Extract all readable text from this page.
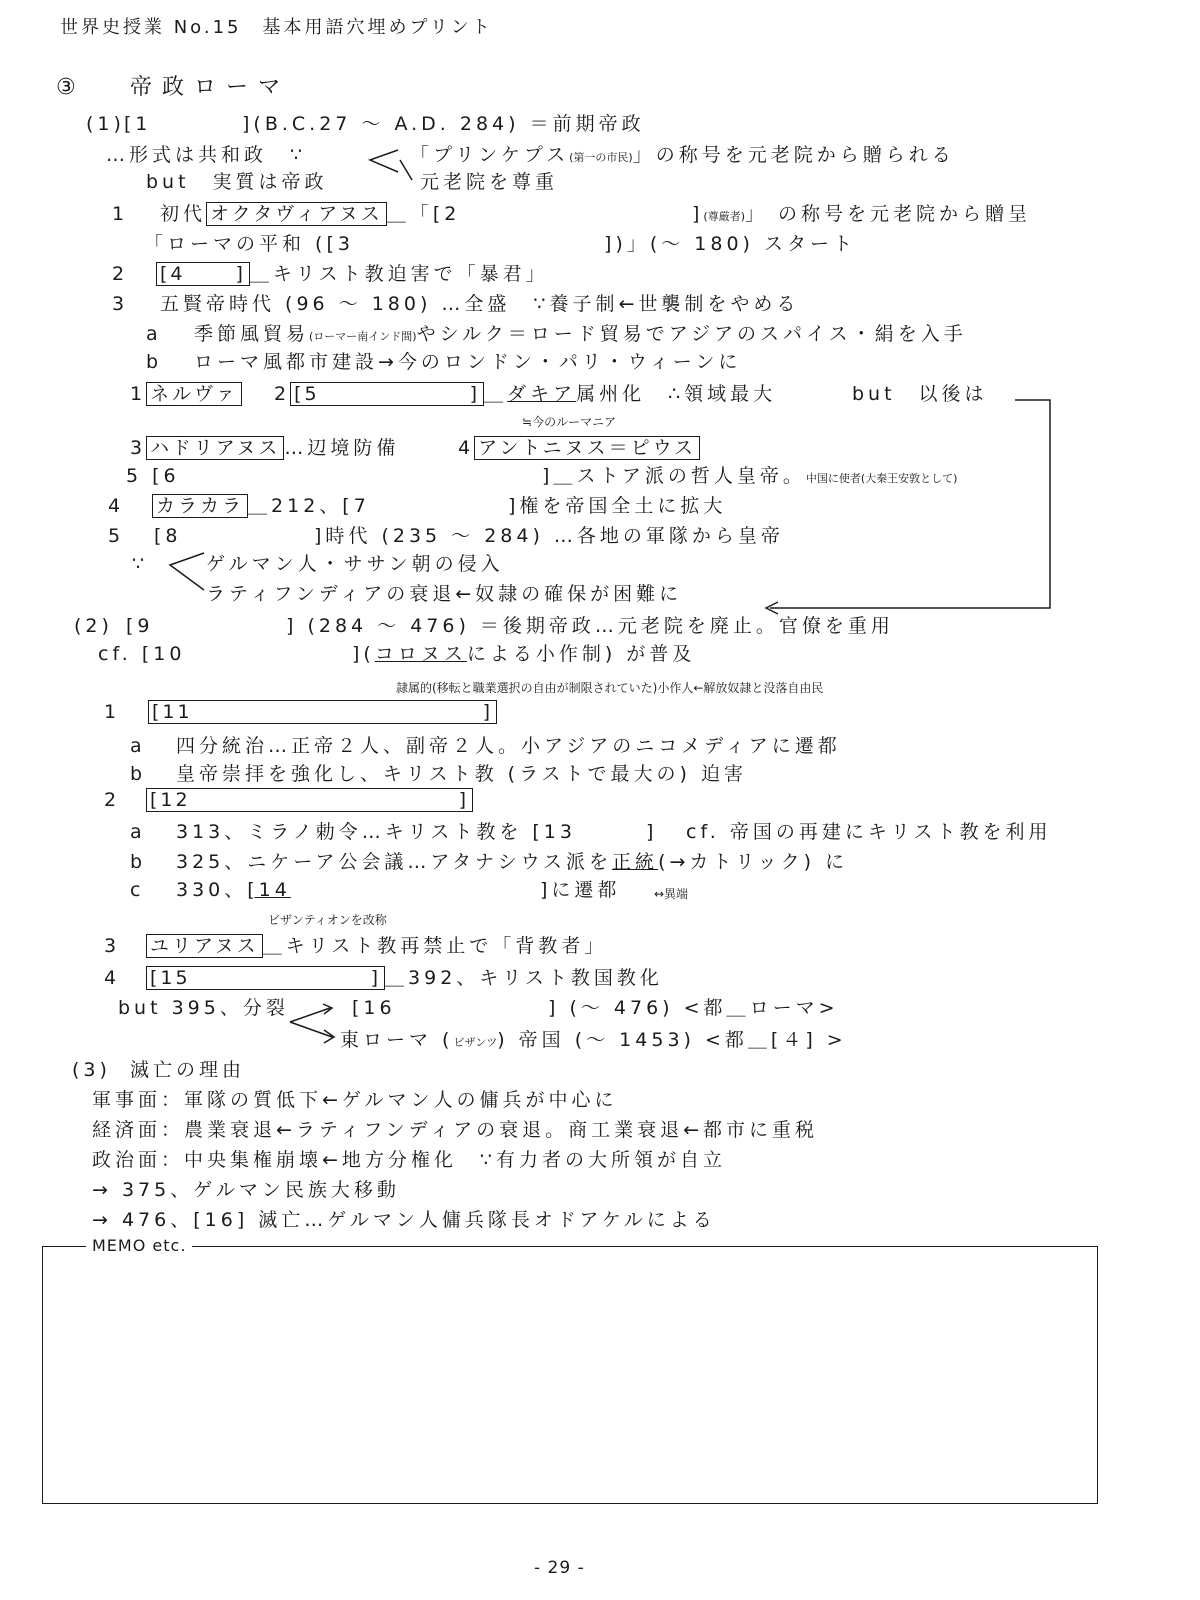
世界史授業 No.15　基本用語穴埋めプリント
③ 帝政ローマ
(1) [1	](B.C.27 ～ A.D. 284) ＝前期帝政
…形式は共和政　∵	「プリンケプス(第一の市民)」の称号を元老院から贈られる
but　実質は帝政	元老院を尊重
1 初代 オクタヴィアヌス ＿「[2	](尊厳者)」 の称号を元老院から贈呈
「ローマの平和 ([3	])」(～ 180) スタート
2 [4	] ＿キリスト教迫害で「暴君」
3 五賢帝時代 (96 ～ 180) …全盛　∵養子制←世襲制をやめる
a 季節風貿易(ローマー南インド間)やシルク＝ロード貿易でアジアのスパイス・絹を入手
b ローマ風都市建設→今のロンドン・パリ・ウィーンに
1 ネルヴァ 2 [5	] ＿ダキア属州化　∴領域最大	but　以後は
≒今のルーマニア
3 ハドリアヌス …辺境防備	4 アントニヌス＝ピウス
5 [6	]＿ストア派の哲人皇帝。中国に使者(大秦王安敦として)
4 カラカラ ＿212、[7	]権を帝国全土に拡大
5 [8	]時代 (235 ～ 284) …各地の軍隊から皇帝
∵	ゲルマン人・ササン朝の侵入
ラティフンディアの衰退←奴隷の確保が困難に
(2) [9	] (284 ～ 476) ＝後期帝政…元老院を廃止。官僚を重用
cf. [10	](コロヌスによる小作制) が普及
隷属的(移転と職業選択の自由が制限されていた)小作人←解放奴隷と没落自由民
1 [11	]
a 四分統治…正帝２人、副帝２人。小アジアのニコメディアに遷都
b 皇帝崇拝を強化し、キリスト教 (ラストで最大の) 迫害
2 [12	]
a 313、ミラノ勅令…キリスト教を [13	] cf. 帝国の再建にキリスト教を利用
b 325、ニケーア公会議…アタナシウス派を正統(→カトリック) に
c 330、[14	]に遷都	↔異端
ビザンティオンを改称
3 ユリアヌス ＿キリスト教再禁止で「背教者」
4 [15	] ＿392、キリスト教国教化
but 395、分裂	[16	] (～ 476) <都＿ローマ>
東ローマ (ビザンツ) 帝国 (～ 1453) <都＿[４] >
(3) 滅亡の理由
軍事面：軍隊の質低下←ゲルマン人の傭兵が中心に
経済面：農業衰退←ラティフンディアの衰退。商工業衰退←都市に重税
政治面：中央集権崩壊←地方分権化　∵有力者の大所領が自立
→ 375、ゲルマン民族大移動
→ 476、[16] 滅亡…ゲルマン人傭兵隊長オドアケルによる
MEMO etc.
- 29 -
